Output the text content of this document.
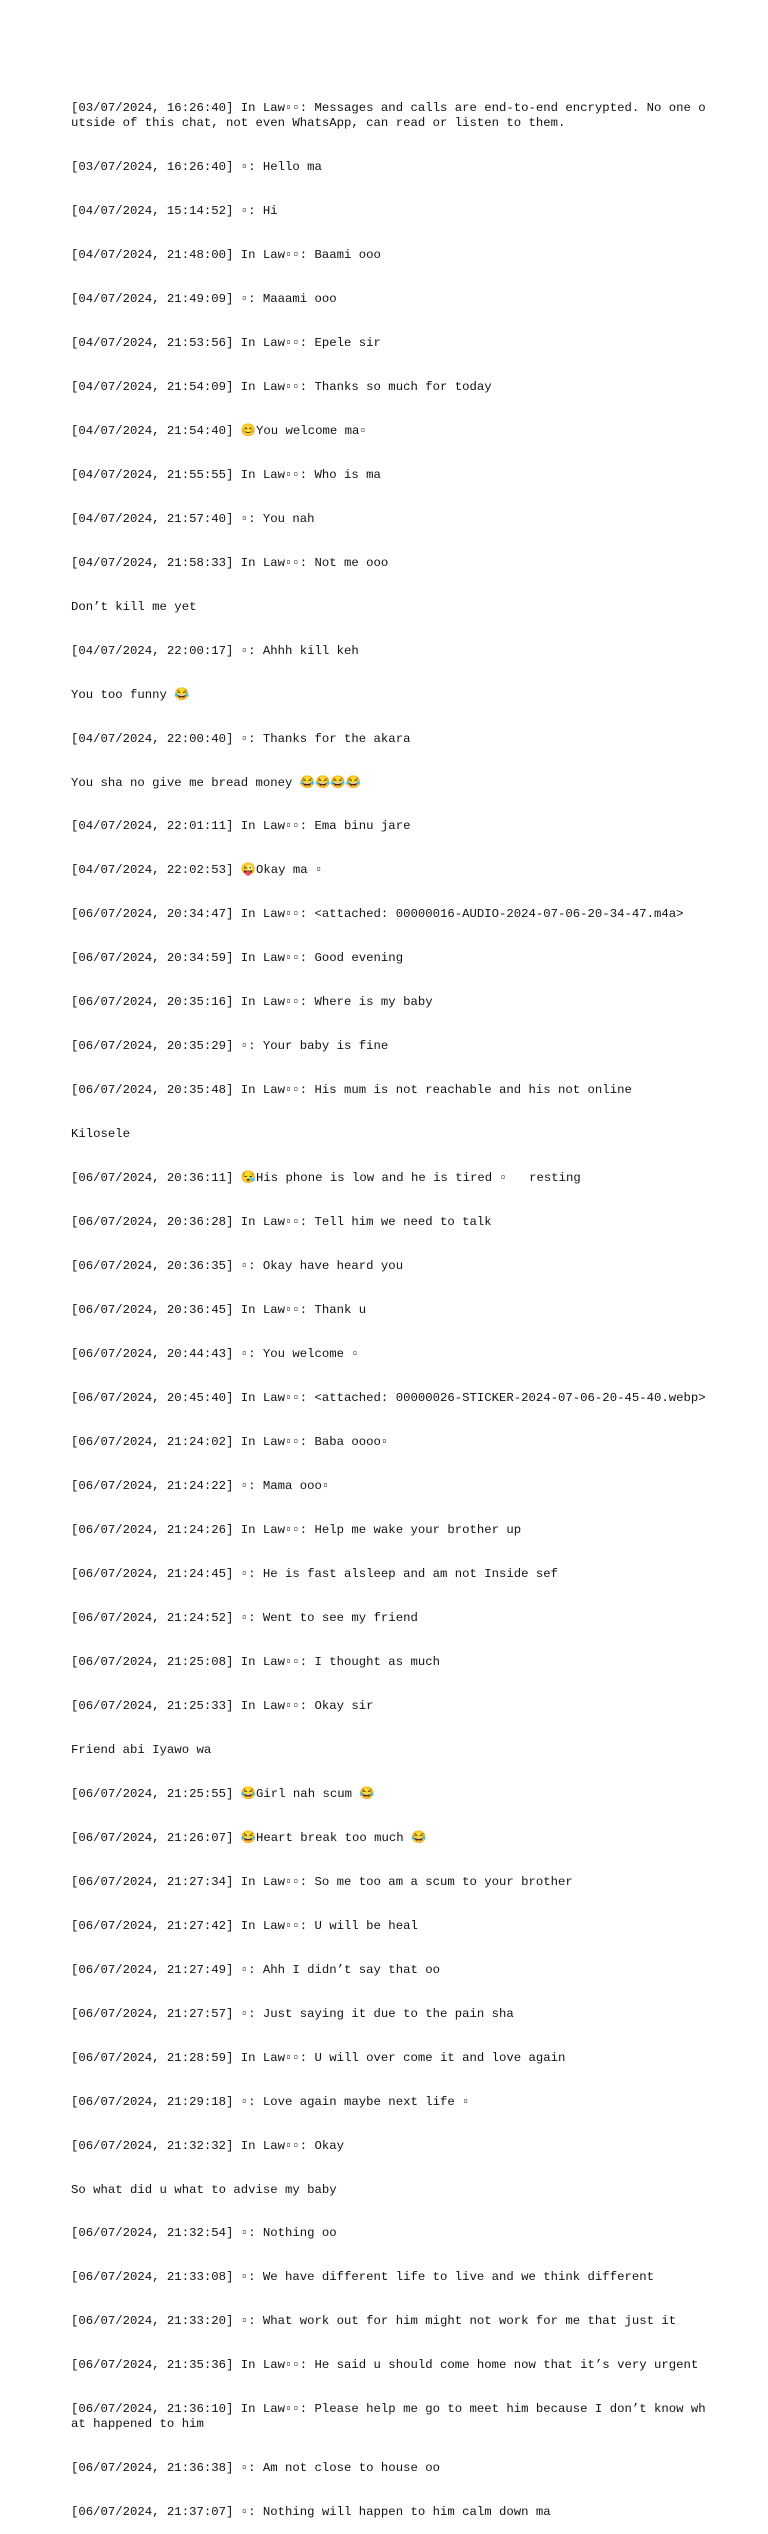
[03/07/2024, 16:26:40] In Law▫▫: Messages and calls are end-to-end encrypted. No one outside of this chat, not even WhatsApp, can read or listen to them.

[03/07/2024, 16:26:40] ▫: Hello ma

[04/07/2024, 15:14:52] ▫: Hi

[04/07/2024, 21:48:00] In Law▫▫: Baami ooo

[04/07/2024, 21:49:09] ▫: Maaami ooo

[04/07/2024, 21:53:56] In Law▫▫: Epele sir

[04/07/2024, 21:54:09] In Law▫▫: Thanks so much for today

[04/07/2024, 21:54:40] 😊You welcome ma▫

[04/07/2024, 21:55:55] In Law▫▫: Who is ma

[04/07/2024, 21:57:40] ▫: You nah

[04/07/2024, 21:58:33] In Law▫▫: Not me ooo

Don’t kill me yet

[04/07/2024, 22:00:17] ▫: Ahhh kill keh

You too funny 😂

[04/07/2024, 22:00:40] ▫: Thanks for the akara

You sha no give me bread money 😂😂😂😂

[04/07/2024, 22:01:11] In Law▫▫: Ema binu jare

[04/07/2024, 22:02:53] 😜Okay ma ▫

[06/07/2024, 20:34:47] In Law▫▫: <attached: 00000016-AUDIO-2024-07-06-20-34-47.m4a>

[06/07/2024, 20:34:59] In Law▫▫: Good evening

[06/07/2024, 20:35:16] In Law▫▫: Where is my baby

[06/07/2024, 20:35:29] ▫: Your baby is fine

[06/07/2024, 20:35:48] In Law▫▫: His mum is not reachable and his not online

Kilosele

[06/07/2024, 20:36:11] 😪His phone is low and he is tired ▫   resting

[06/07/2024, 20:36:28] In Law▫▫: Tell him we need to talk

[06/07/2024, 20:36:35] ▫: Okay have heard you

[06/07/2024, 20:36:45] In Law▫▫: Thank u

[06/07/2024, 20:44:43] ▫: You welcome ▫

[06/07/2024, 20:45:40] In Law▫▫: <attached: 00000026-STICKER-2024-07-06-20-45-40.webp>

[06/07/2024, 21:24:02] In Law▫▫: Baba oooo▫

[06/07/2024, 21:24:22] ▫: Mama ooo▫

[06/07/2024, 21:24:26] In Law▫▫: Help me wake your brother up

[06/07/2024, 21:24:45] ▫: He is fast alsleep and am not Inside sef

[06/07/2024, 21:24:52] ▫: Went to see my friend

[06/07/2024, 21:25:08] In Law▫▫: I thought as much

[06/07/2024, 21:25:33] In Law▫▫: Okay sir

Friend abi Iyawo wa

[06/07/2024, 21:25:55] 😂Girl nah scum 😂

[06/07/2024, 21:26:07] 😂Heart break too much 😂

[06/07/2024, 21:27:34] In Law▫▫: So me too am a scum to your brother

[06/07/2024, 21:27:42] In Law▫▫: U will be heal

[06/07/2024, 21:27:49] ▫: Ahh I didn’t say that oo

[06/07/2024, 21:27:57] ▫: Just saying it due to the pain sha

[06/07/2024, 21:28:59] In Law▫▫: U will over come it and love again

[06/07/2024, 21:29:18] ▫: Love again maybe next life ▫

[06/07/2024, 21:32:32] In Law▫▫: Okay

So what did u what to advise my baby

[06/07/2024, 21:32:54] ▫: Nothing oo

[06/07/2024, 21:33:08] ▫: We have different life to live and we think different

[06/07/2024, 21:33:20] ▫: What work out for him might not work for me that just it

[06/07/2024, 21:35:36] In Law▫▫: He said u should come home now that it’s very urgent

[06/07/2024, 21:36:10] In Law▫▫: Please help me go to meet him because I don’t know what happened to him

[06/07/2024, 21:36:38] ▫: Am not close to house oo

[06/07/2024, 21:37:07] ▫: Nothing will happen to him calm down ma
